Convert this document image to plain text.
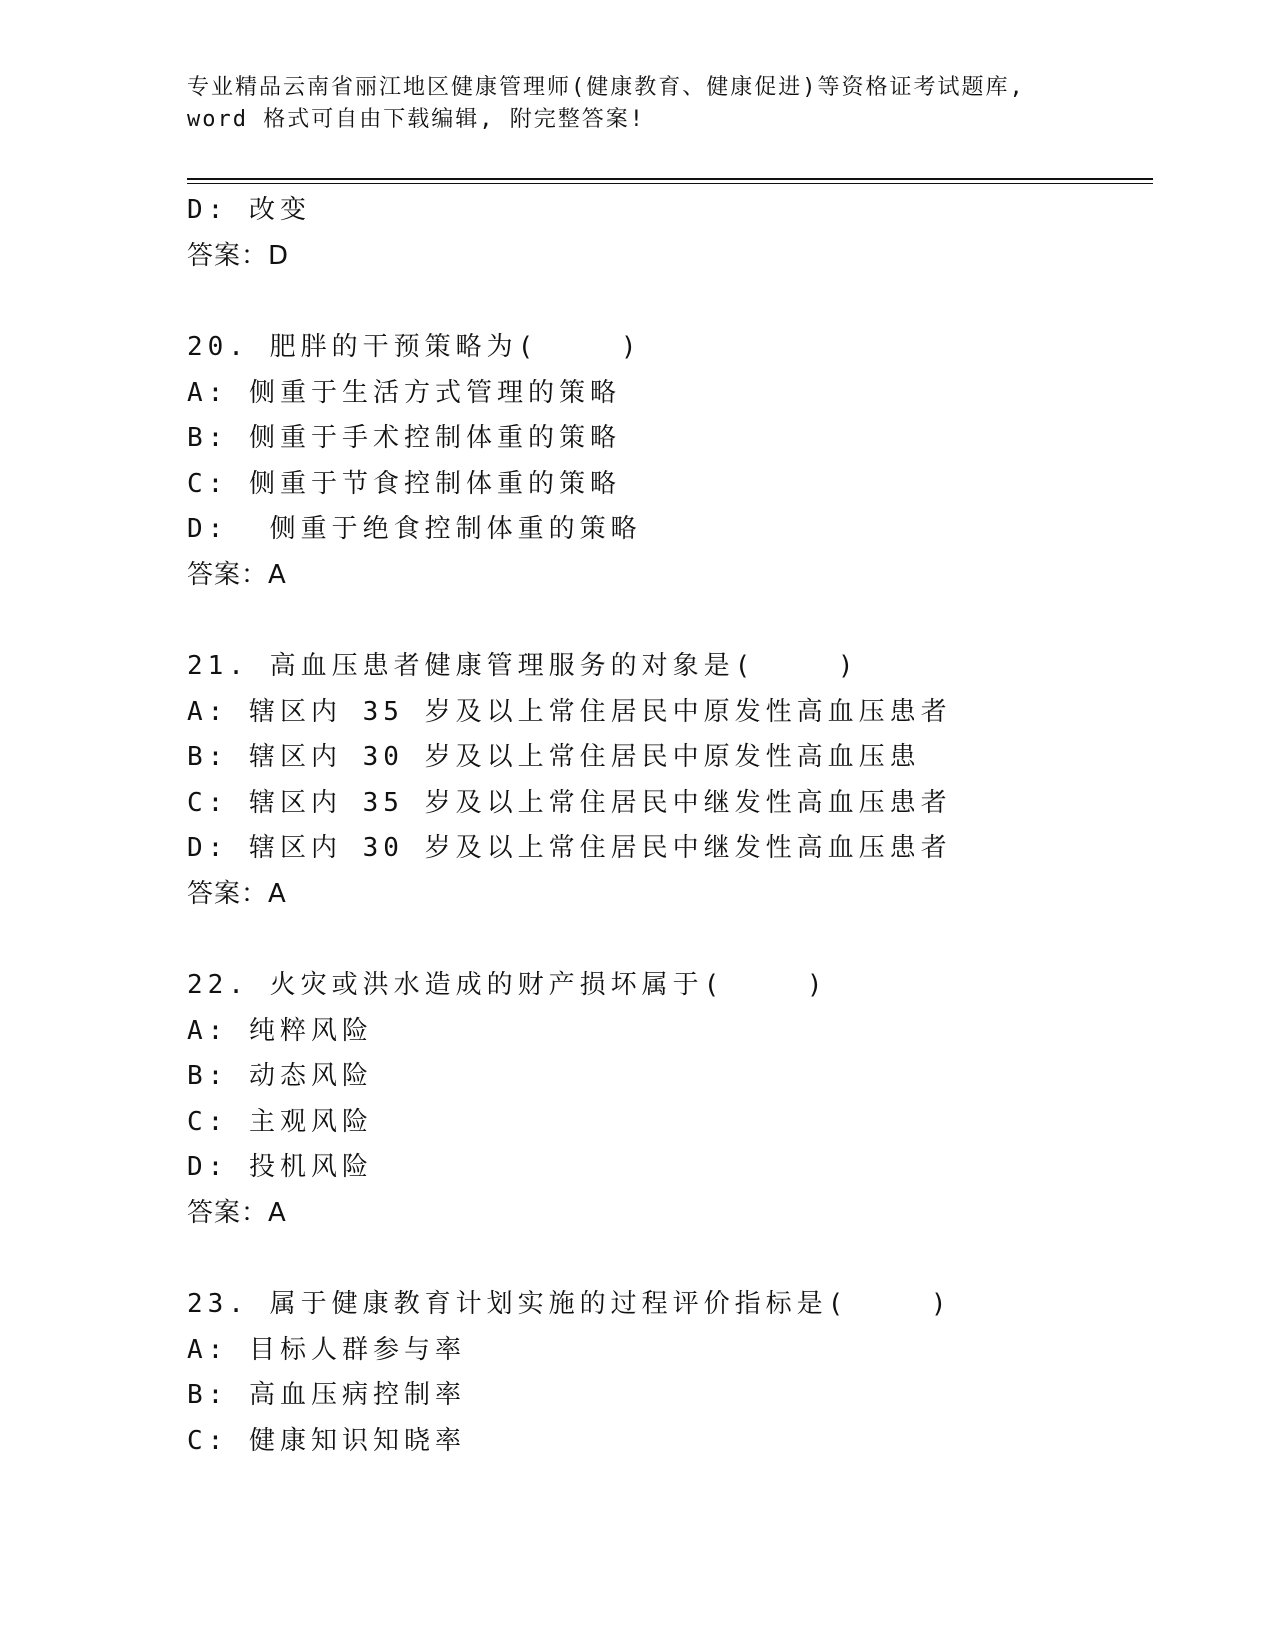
专业精品云南省丽江地区健康管理师(健康教育、健康促进)等资格证考试题库,
word 格式可自由下载编辑, 附完整答案!
D: 改变
答案：D
20. 肥胖的干预策略为(    )
A: 侧重于生活方式管理的策略
B: 侧重于手术控制体重的策略
C: 侧重于节食控制体重的策略
D:  侧重于绝食控制体重的策略
答案：A
21. 高血压患者健康管理服务的对象是(    )
A: 辖区内 35 岁及以上常住居民中原发性高血压患者
B: 辖区内 30 岁及以上常住居民中原发性高血压患
C: 辖区内 35 岁及以上常住居民中继发性高血压患者
D: 辖区内 30 岁及以上常住居民中继发性高血压患者
答案：A
22. 火灾或洪水造成的财产损坏属于(    )
A: 纯粹风险
B: 动态风险
C: 主观风险
D: 投机风险
答案：A
23. 属于健康教育计划实施的过程评价指标是(    )
A: 目标人群参与率
B: 高血压病控制率
C: 健康知识知晓率
